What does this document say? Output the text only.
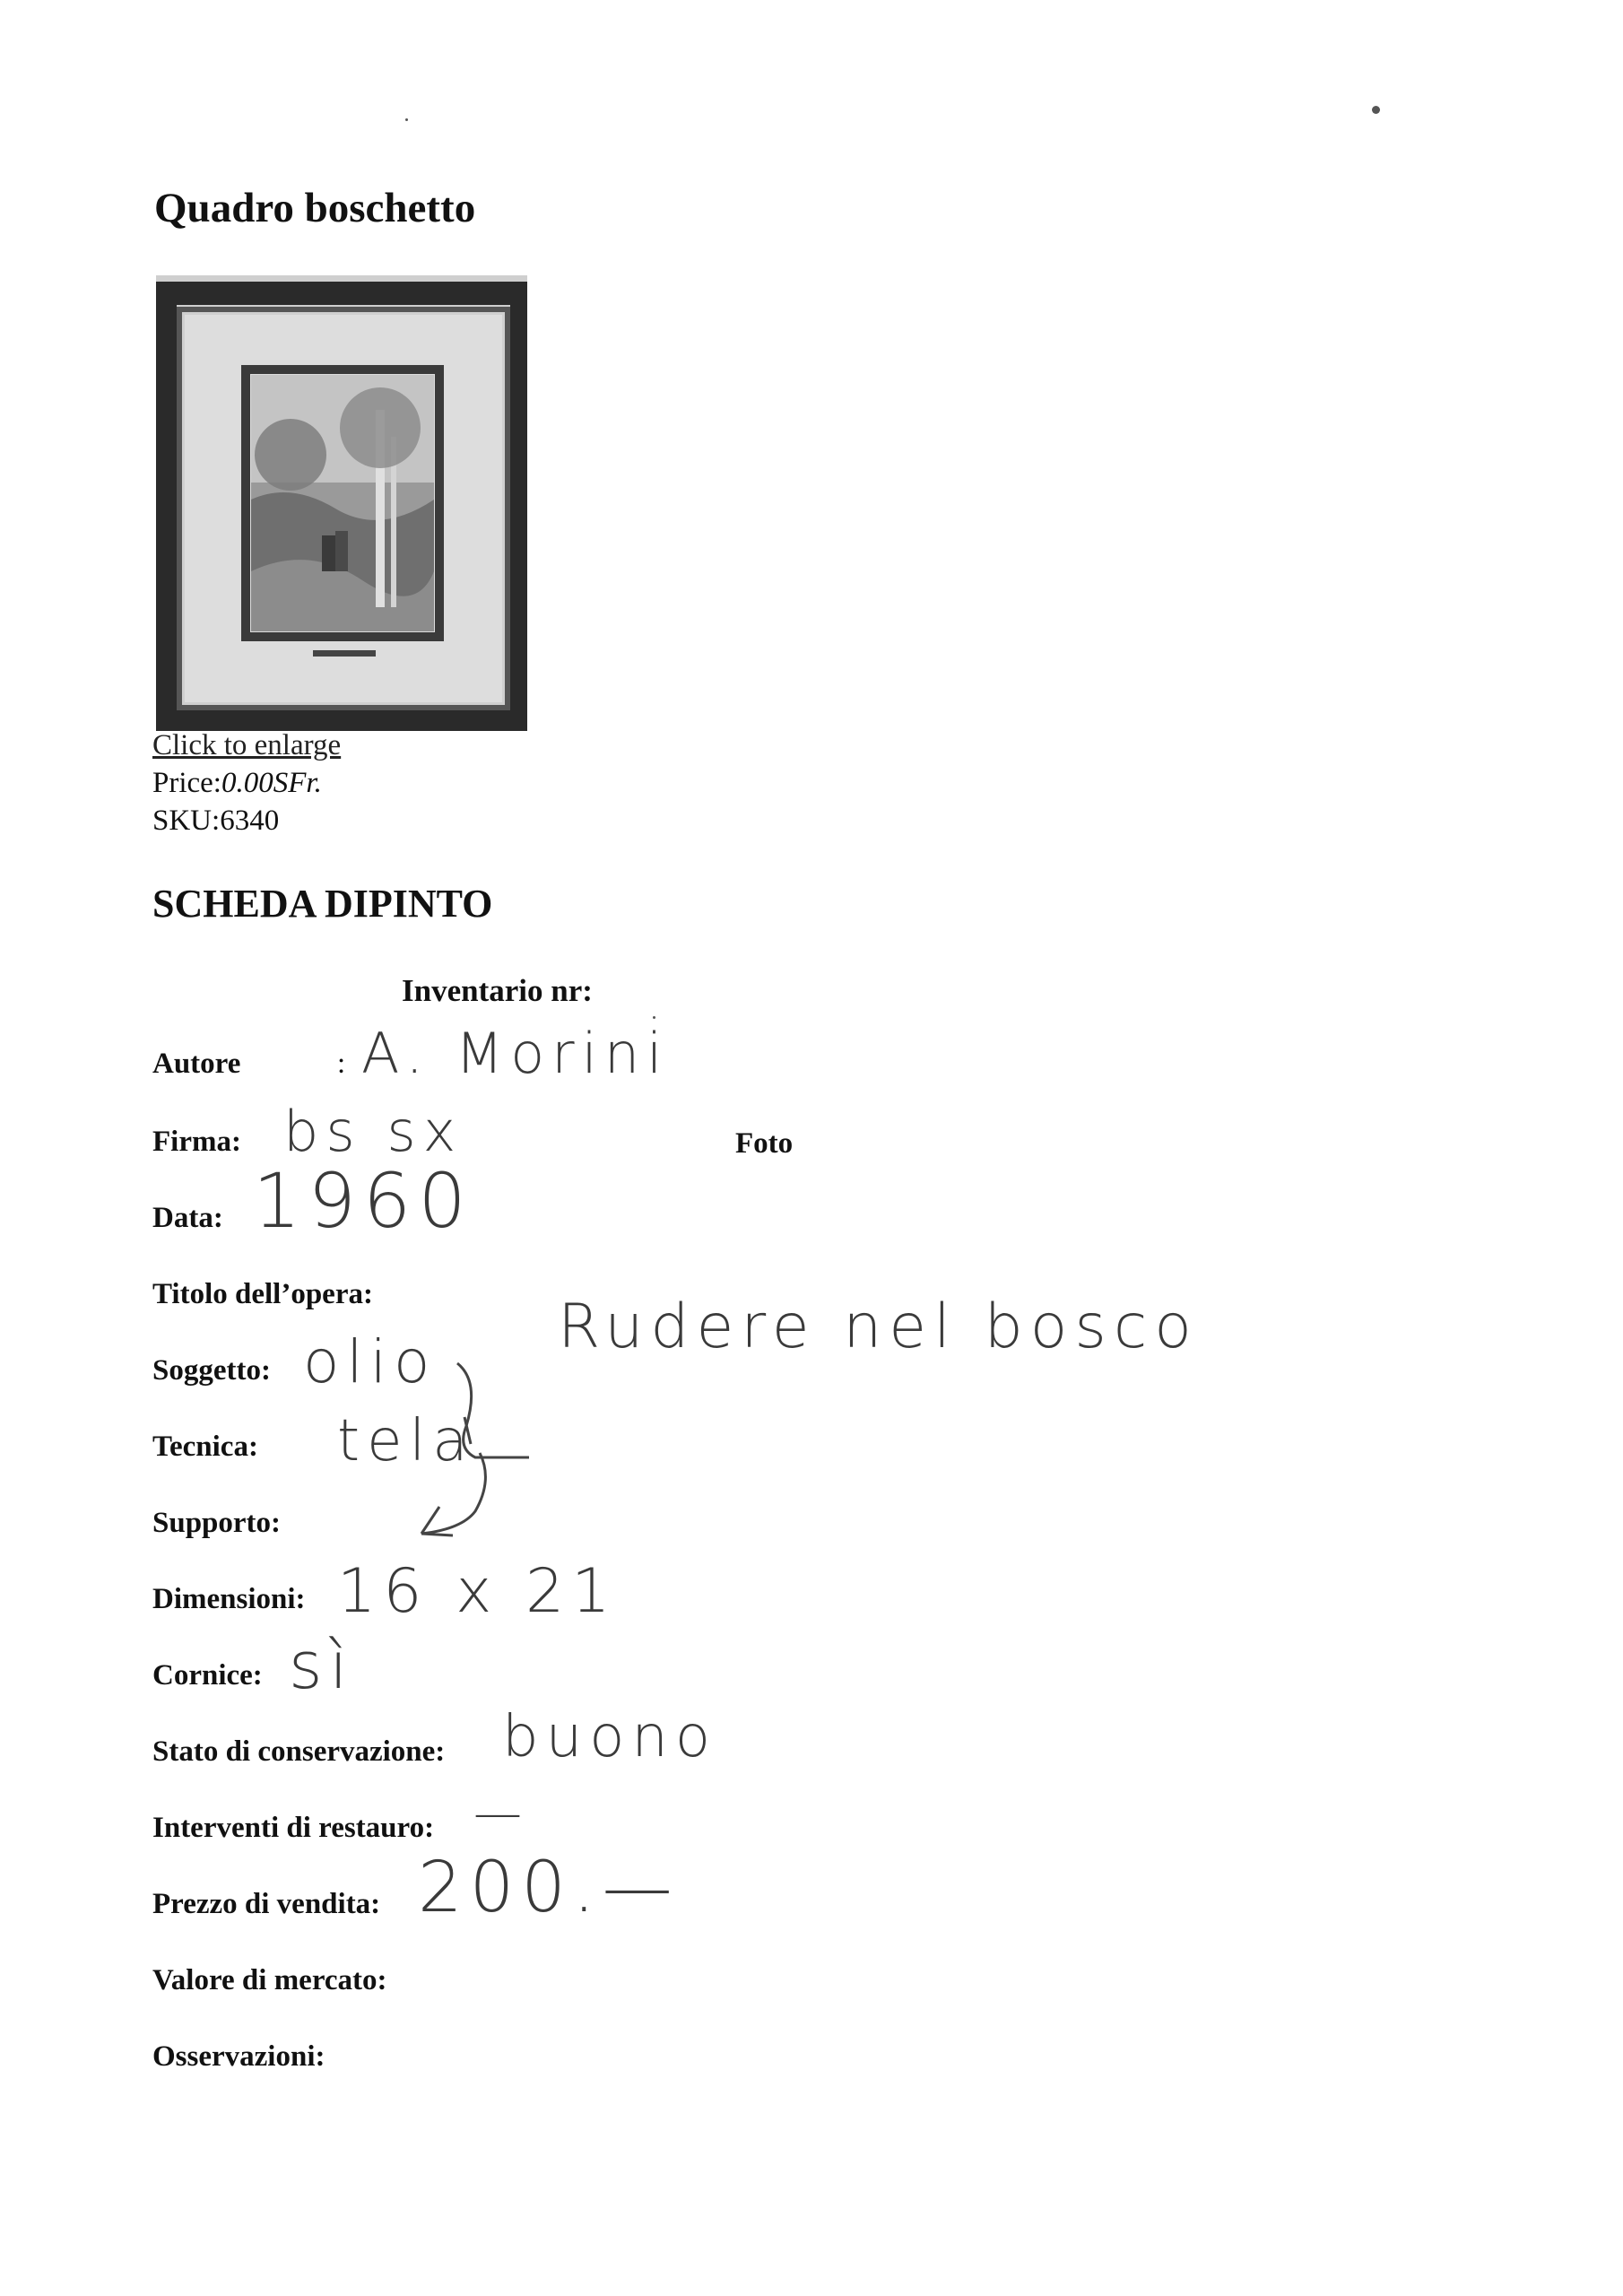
Quadro boschetto
Click to enlarge
Price:0.00SFr.
SKU:6340
SCHEDA DIPINTO
Inventario nr:
Autore	: A. Morini
Firma: bs sx	Foto
Data: 1960
Titolo dell’opera:	Rudere nel bosco
Soggetto: olio
Tecnica: tela
Supporto:
Dimensioni: 16 x 21
Cornice: sì
Stato di conservazione: buono
Interventi di restauro: —
Prezzo di vendita: 200.—
Valore di mercato:
Osservazioni:
